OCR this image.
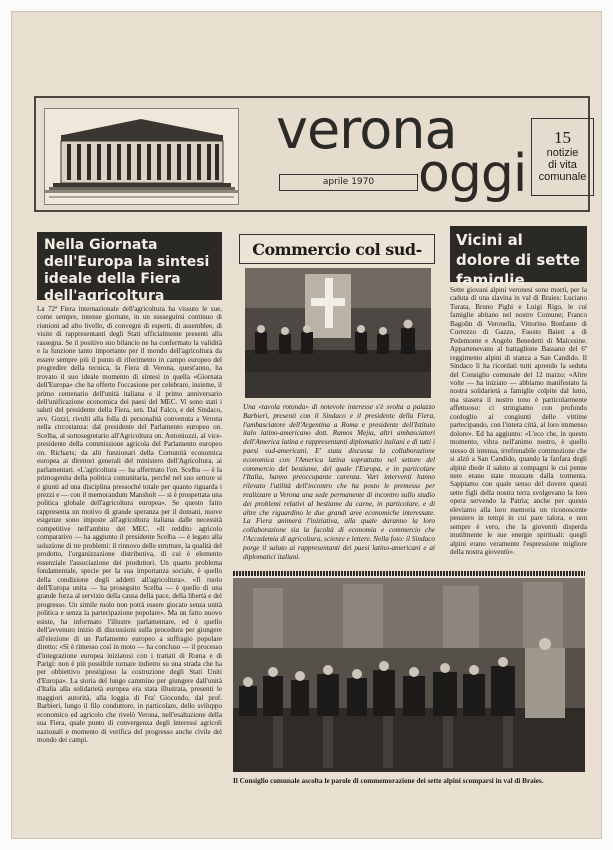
verona
oggi
aprile 1970
15
notizie
di vita
comunale
Nella Giornata dell'Europa la sintesi ideale della Fiera dell'agricoltura
La 72ª Fiera internazionale dell'agricoltura ha vissuto le sue, come sempre, intense giornate, in un susseguirsi continuo di riunioni ad alto livello, di convegni di esperti, di assemblee, di visite di rappresentanti degli Stati ufficialmente presenti alla rassegna. Se il positivo suo bilancio ne ha confermato la validità e la funzione tanto importante per il mondo dell'agricoltura da essere sempre più il punto di riferimento in campo europeo del progredire della tecnica, la Fiera di Verona, quest'anno, ha trovato il suo ideale momento di sintesi in quella «Giornata dell'Europa» che ha offerto l'occasione per celebrare, insieme, il primo centenario dell'unità italiana e il primo anniversario dell'unificazione economica dei paesi del MEC. Vi sono stati i saluti del presidente della Fiera, sen. Dal Falco, e del Sindaco, avv. Gozzi, rivolti alla folla di personalità convenuta a Verona nella circostanza: dal presidente del Parlamento europeo on. Scelba, al sottosegretario all'Agricoltura on. Antoniozzi, al vice-presidente della commissione agricola del Parlamento europeo on. Richarts; da alti funzionari della Comunità economica europea ai direttori generali del ministero dell'Agricoltura, ai parlamentari. «L'agricoltura — ha affermato l'on. Scelba — è la primogenita della politica comunitaria, perché nel suo settore si è giunti ad una disciplina pressoché totale per quanto riguarda i prezzi e — con il memorandum Mansholt — si è prospettata una politica globale dell'agricoltura europea». Se questo fatto rappresenta un motivo di grande speranza per il domani, nuove esigenze sono imposte all'agricoltura italiana dalle necessità competitive nell'ambito del MEC. «Il reddito agricolo comparativo — ha aggiunto il presidente Scelba — è legato alla soluzione di tre problemi: il rinnovo delle strutture, la qualità del prodotto, l'organizzazione distributiva, di cui è elemento essenziale l'associazione dei produttori. Un quarto problema fondamentale, specie per la sua importanza sociale, è quello della condizione degli addetti all'agricoltura». «Il ruolo dell'Europa unita — ha proseguito Scelba — è quello di una grande forza al servizio della causa della pace, della libertà e del progresso. Un simile ruolo non potrà essere giocato senza unità politica e senza la partecipazione popolare». Ma un fatto nuovo esiste, ha informato l'illustre parlamentare, ed è quello dell'avvenuto inizio di discussioni sulla procedura per giungere all'elezione di un Parlamento europeo a suffragio popolare diretto: «Si è rimesso così in moto — ha concluso — il processo d'integrazione europea iniziatosi con i trattati di Roma e di Parigi: non è più possibile tornare indietro su una strada che ha per obbiettivo prestigioso la costruzione degli Stati Uniti d'Europa». La storia del lungo cammino per giungere dall'unità d'Italia alla solidarietà europea era stata illustrata, presenti le maggiori autorità, alla loggia di Fra' Giocondo, dal prof. Barbieri, lungo il filo conduttore, in particolare, dello sviluppo economico ed agricolo che rivelò Verona, nell'esaltazione della sua Fiera, quale punto di convergenza degli interessi agricoli nazionali e momento di verifica del progresso anche civile del mondo dei campi.
Commercio col sud-
Una «tavola rotonda» di notevole interesse s'è svolta a palazzo Barbieri, presenti con il Sindaco e il presidente della Fiera, l'ambasciatore dell'Argentina a Roma e presidente dell'Istituto italo latino-americano dott. Ramos Mejia, altri ambasciatori dell'America latina e rappresentanti diplomatici italiani e di tutti i paesi sud-americani. E' stata discussa la collaborazione economica con l'America latina soprattutto nel settore del commercio del bestiame, del quale l'Europa, e in particolare l'Italia, hanno preoccupante carenza. Vari interventi hanno rilevato l'utilità dell'incontro che ha posto le premesse per realizzare a Verona una sede permanente di incontro sullo studio dei problemi relativi al bestiame da carne, in particolare, e di altre che riguardino le due grandi aree economiche interessate. La Fiera animerà l'iniziativa, alla quale daranno la loro collaborazione sia la facoltà di economia e commercio che l'Accademia di agricoltura, scienze e lettere. Nella foto: il Sindaco porge il saluto ai rappresentanti dei paesi latino-americani e ai diplomatici italiani.
Vicini al dolore di sette famiglie
Sette giovani alpini veronesi sono morti, per la caduta di una slavina in val di Braies: Luciano Turata, Bruno Pighi e Luigi Rigo, le cui famiglie abitano nel nostro Comune; Franco Bagolin di Veronella, Vittorino Bonfante di Correzzo di Gazzo, Fausto Baiett a di Pedemonte e Angelo Benedetti di Malcesine. Appartenevano al battaglione Bassano del 6º reggimento alpini di stanza a San Candido. Il Sindaco li ha ricordati tutti aprendo la seduta del Consiglio comunale del 12 marzo: «Altre volte — ha iniziato — abbiamo manifestato la nostra solidarietà a famiglie colpite dal lutto, ma stasera il nostro tono è particolarmente affettuoso: ci stringiamo con profondo cordoglio ai congiunti delle vittime partecipando, con l'intera città, al loro immenso dolore». Ed ha aggiunto: «L'eco che, in questo momento, vibra nell'animo nostro, è quello stesso di intensa, irrefrenabile commozione che si alzò a San Candido, quando la fanfara degli alpini diede il saluto ai compagni le cui penne nere erano state mozzate dalla tormenta. Sappiamo con quale senso del dovere questi sette figli della nostra terra svolgevano la loro opera servendo la Patria; anche per questo eleviamo alla loro memoria un riconoscente pensiero in tempi in cui pare talora, e non sempre è vero, che la gioventù disperda inutilmente le sue energie spirituali: quegli alpini erano veramente l'espressione migliore della nostra gioventù».
Il Consiglio comunale ascolta le parole di commemorazione dei sette alpini scomparsi in val di Braies.
